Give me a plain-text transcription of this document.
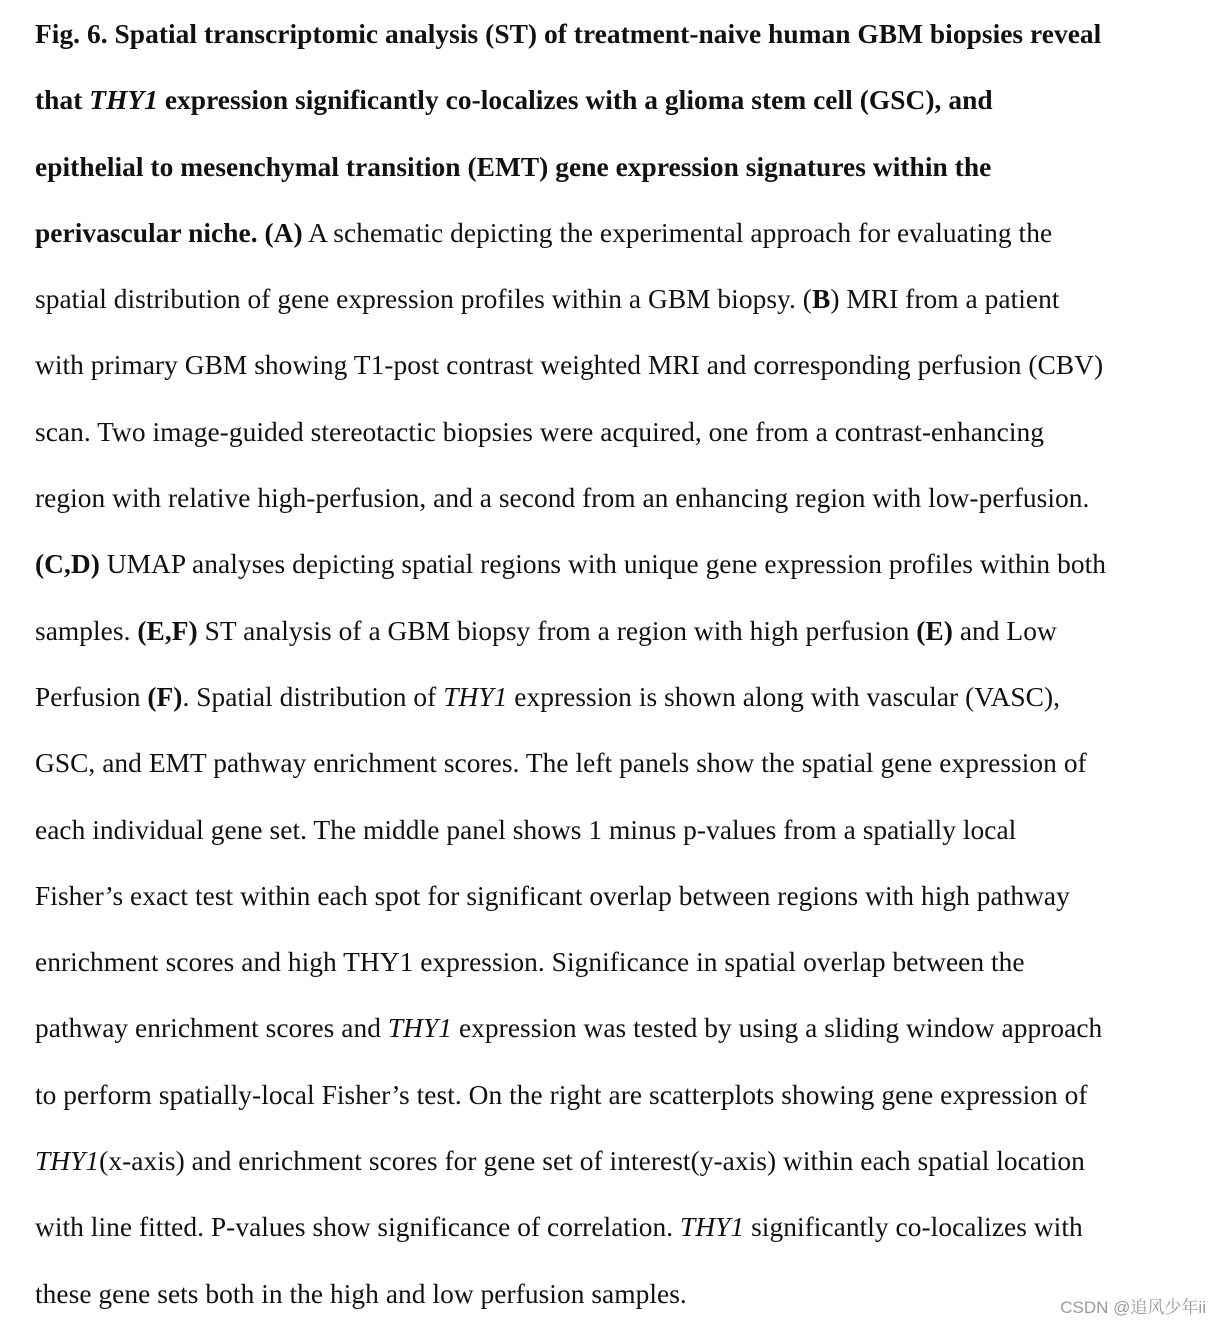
Fig. 6. Spatial transcriptomic analysis (ST) of treatment-naive human GBM biopsies reveal
that THY1 expression significantly co-localizes with a glioma stem cell (GSC), and
epithelial to mesenchymal transition (EMT) gene expression signatures within the
perivascular niche. (A) A schematic depicting the experimental approach for evaluating the
spatial distribution of gene expression profiles within a GBM biopsy. (B) MRI from a patient
with primary GBM showing T1-post contrast weighted MRI and corresponding perfusion (CBV)
scan. Two image-guided stereotactic biopsies were acquired, one from a contrast-enhancing
region with relative high-perfusion, and a second from an enhancing region with low-perfusion.
(C,D) UMAP analyses depicting spatial regions with unique gene expression profiles within both
samples. (E,F) ST analysis of a GBM biopsy from a region with high perfusion (E) and Low
Perfusion (F). Spatial distribution of THY1 expression is shown along with vascular (VASC),
GSC, and EMT pathway enrichment scores. The left panels show the spatial gene expression of
each individual gene set. The middle panel shows 1 minus p-values from a spatially local
Fisher’s exact test within each spot for significant overlap between regions with high pathway
enrichment scores and high THY1 expression. Significance in spatial overlap between the
pathway enrichment scores and THY1 expression was tested by using a sliding window approach
to perform spatially-local Fisher’s test. On the right are scatterplots showing gene expression of
THY1(x-axis) and enrichment scores for gene set of interest(y-axis) within each spatial location
with line fitted. P-values show significance of correlation. THY1 significantly co-localizes with
these gene sets both in the high and low perfusion samples.	CSDN @追风少年ii
